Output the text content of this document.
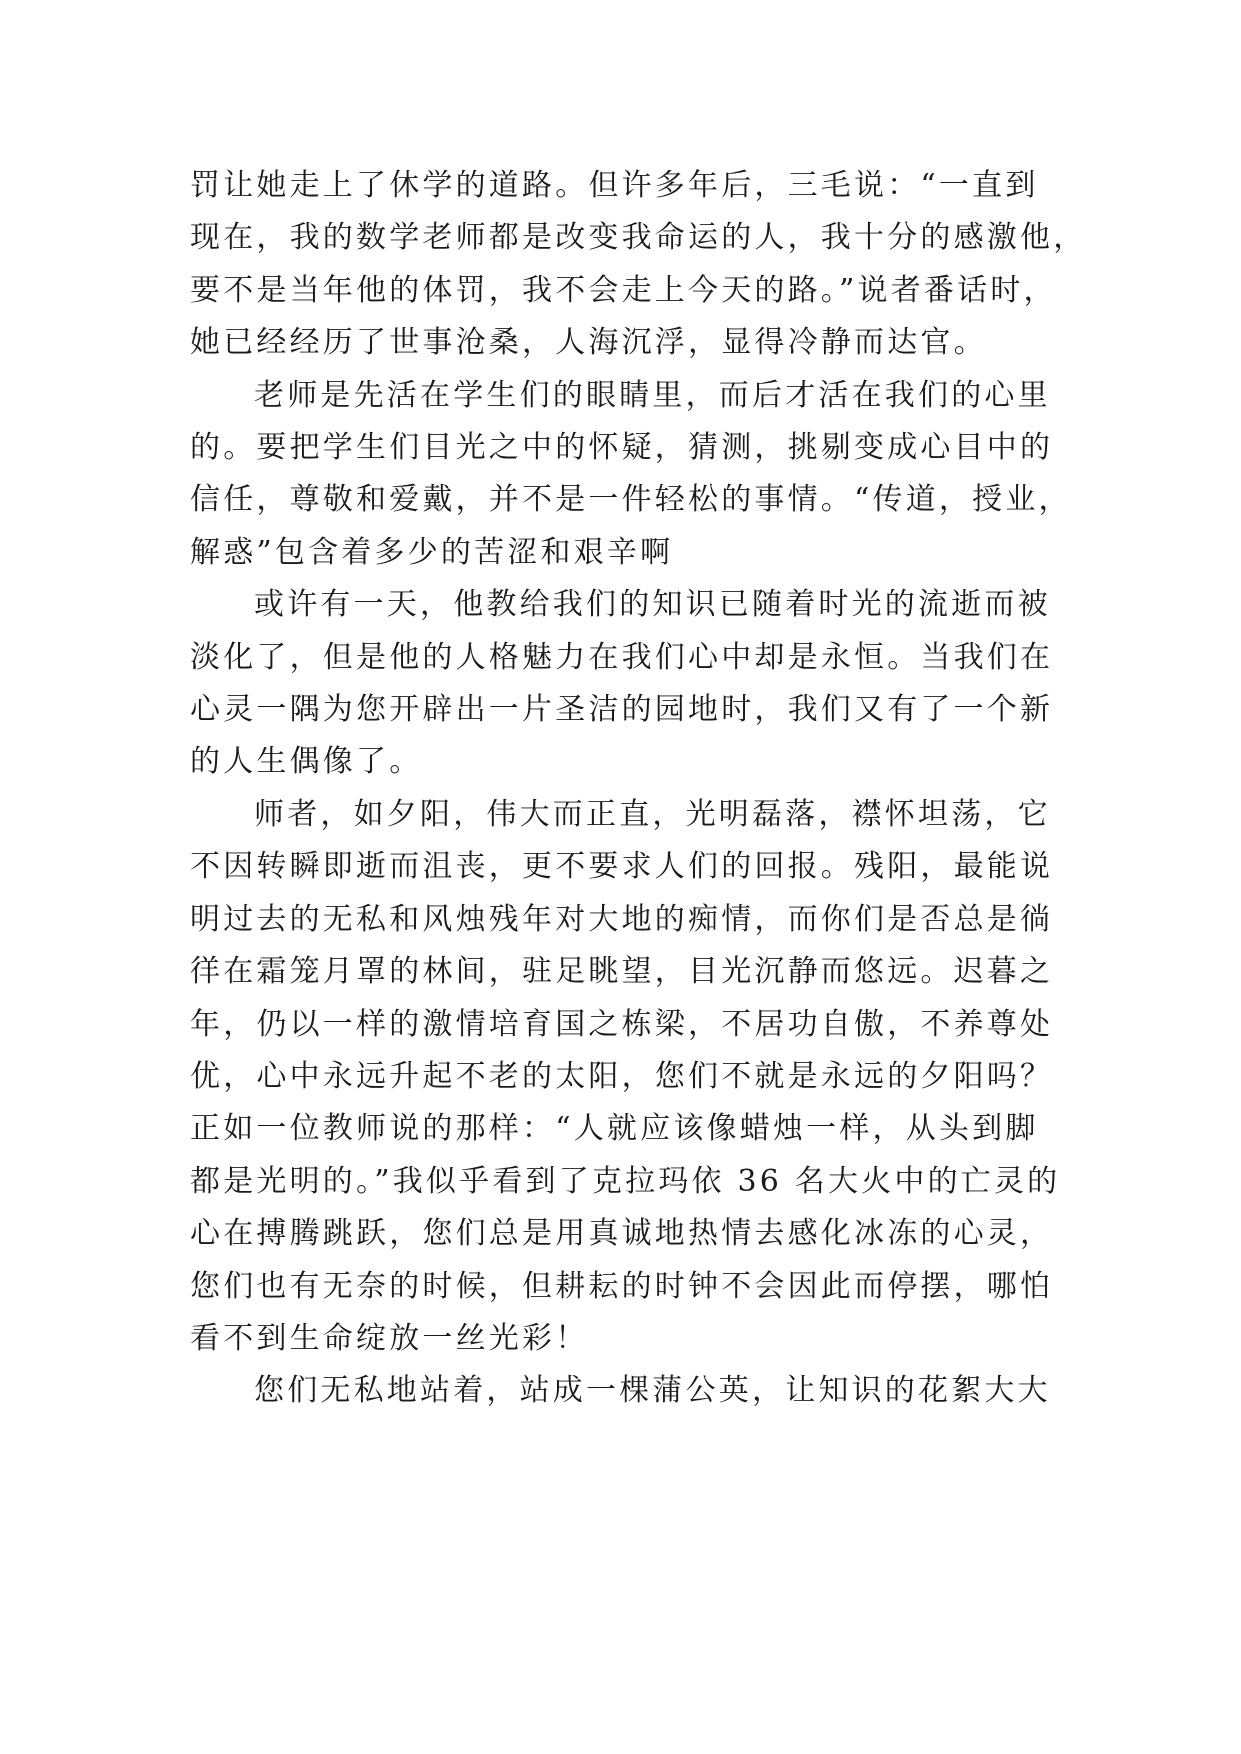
罚让她走上了休学的道路。但许多年后，三毛说：“一直到
现在，我的数学老师都是改变我命运的人，我十分的感激他，
要不是当年他的体罚，我不会走上今天的路。”说者番话时，
她已经经历了世事沧桑，人海沉浮，显得冷静而达官。

老师是先活在学生们的眼睛里，而后才活在我们的心里
的。要把学生们目光之中的怀疑，猜测，挑剔变成心目中的
信任，尊敬和爱戴，并不是一件轻松的事情。“传道，授业，
解惑”包含着多少的苦涩和艰辛啊

或许有一天，他教给我们的知识已随着时光的流逝而被
淡化了，但是他的人格魅力在我们心中却是永恒。当我们在
心灵一隅为您开辟出一片圣洁的园地时，我们又有了一个新
的人生偶像了。

师者，如夕阳，伟大而正直，光明磊落，襟怀坦荡，它
不因转瞬即逝而沮丧，更不要求人们的回报。残阳，最能说
明过去的无私和风烛残年对大地的痴情，而你们是否总是徜
徉在霜笼月罩的林间，驻足眺望，目光沉静而悠远。迟暮之
年，仍以一样的激情培育国之栋梁，不居功自傲，不养尊处
优，心中永远升起不老的太阳，您们不就是永远的夕阳吗？
正如一位教师说的那样：“人就应该像蜡烛一样，从头到脚
都是光明的。”我似乎看到了克拉玛依 36 名大火中的亡灵的
心在搏腾跳跃，您们总是用真诚地热情去感化冰冻的心灵，
您们也有无奈的时候，但耕耘的时钟不会因此而停摆，哪怕
看不到生命绽放一丝光彩！

您们无私地站着，站成一棵蒲公英，让知识的花絮大大
